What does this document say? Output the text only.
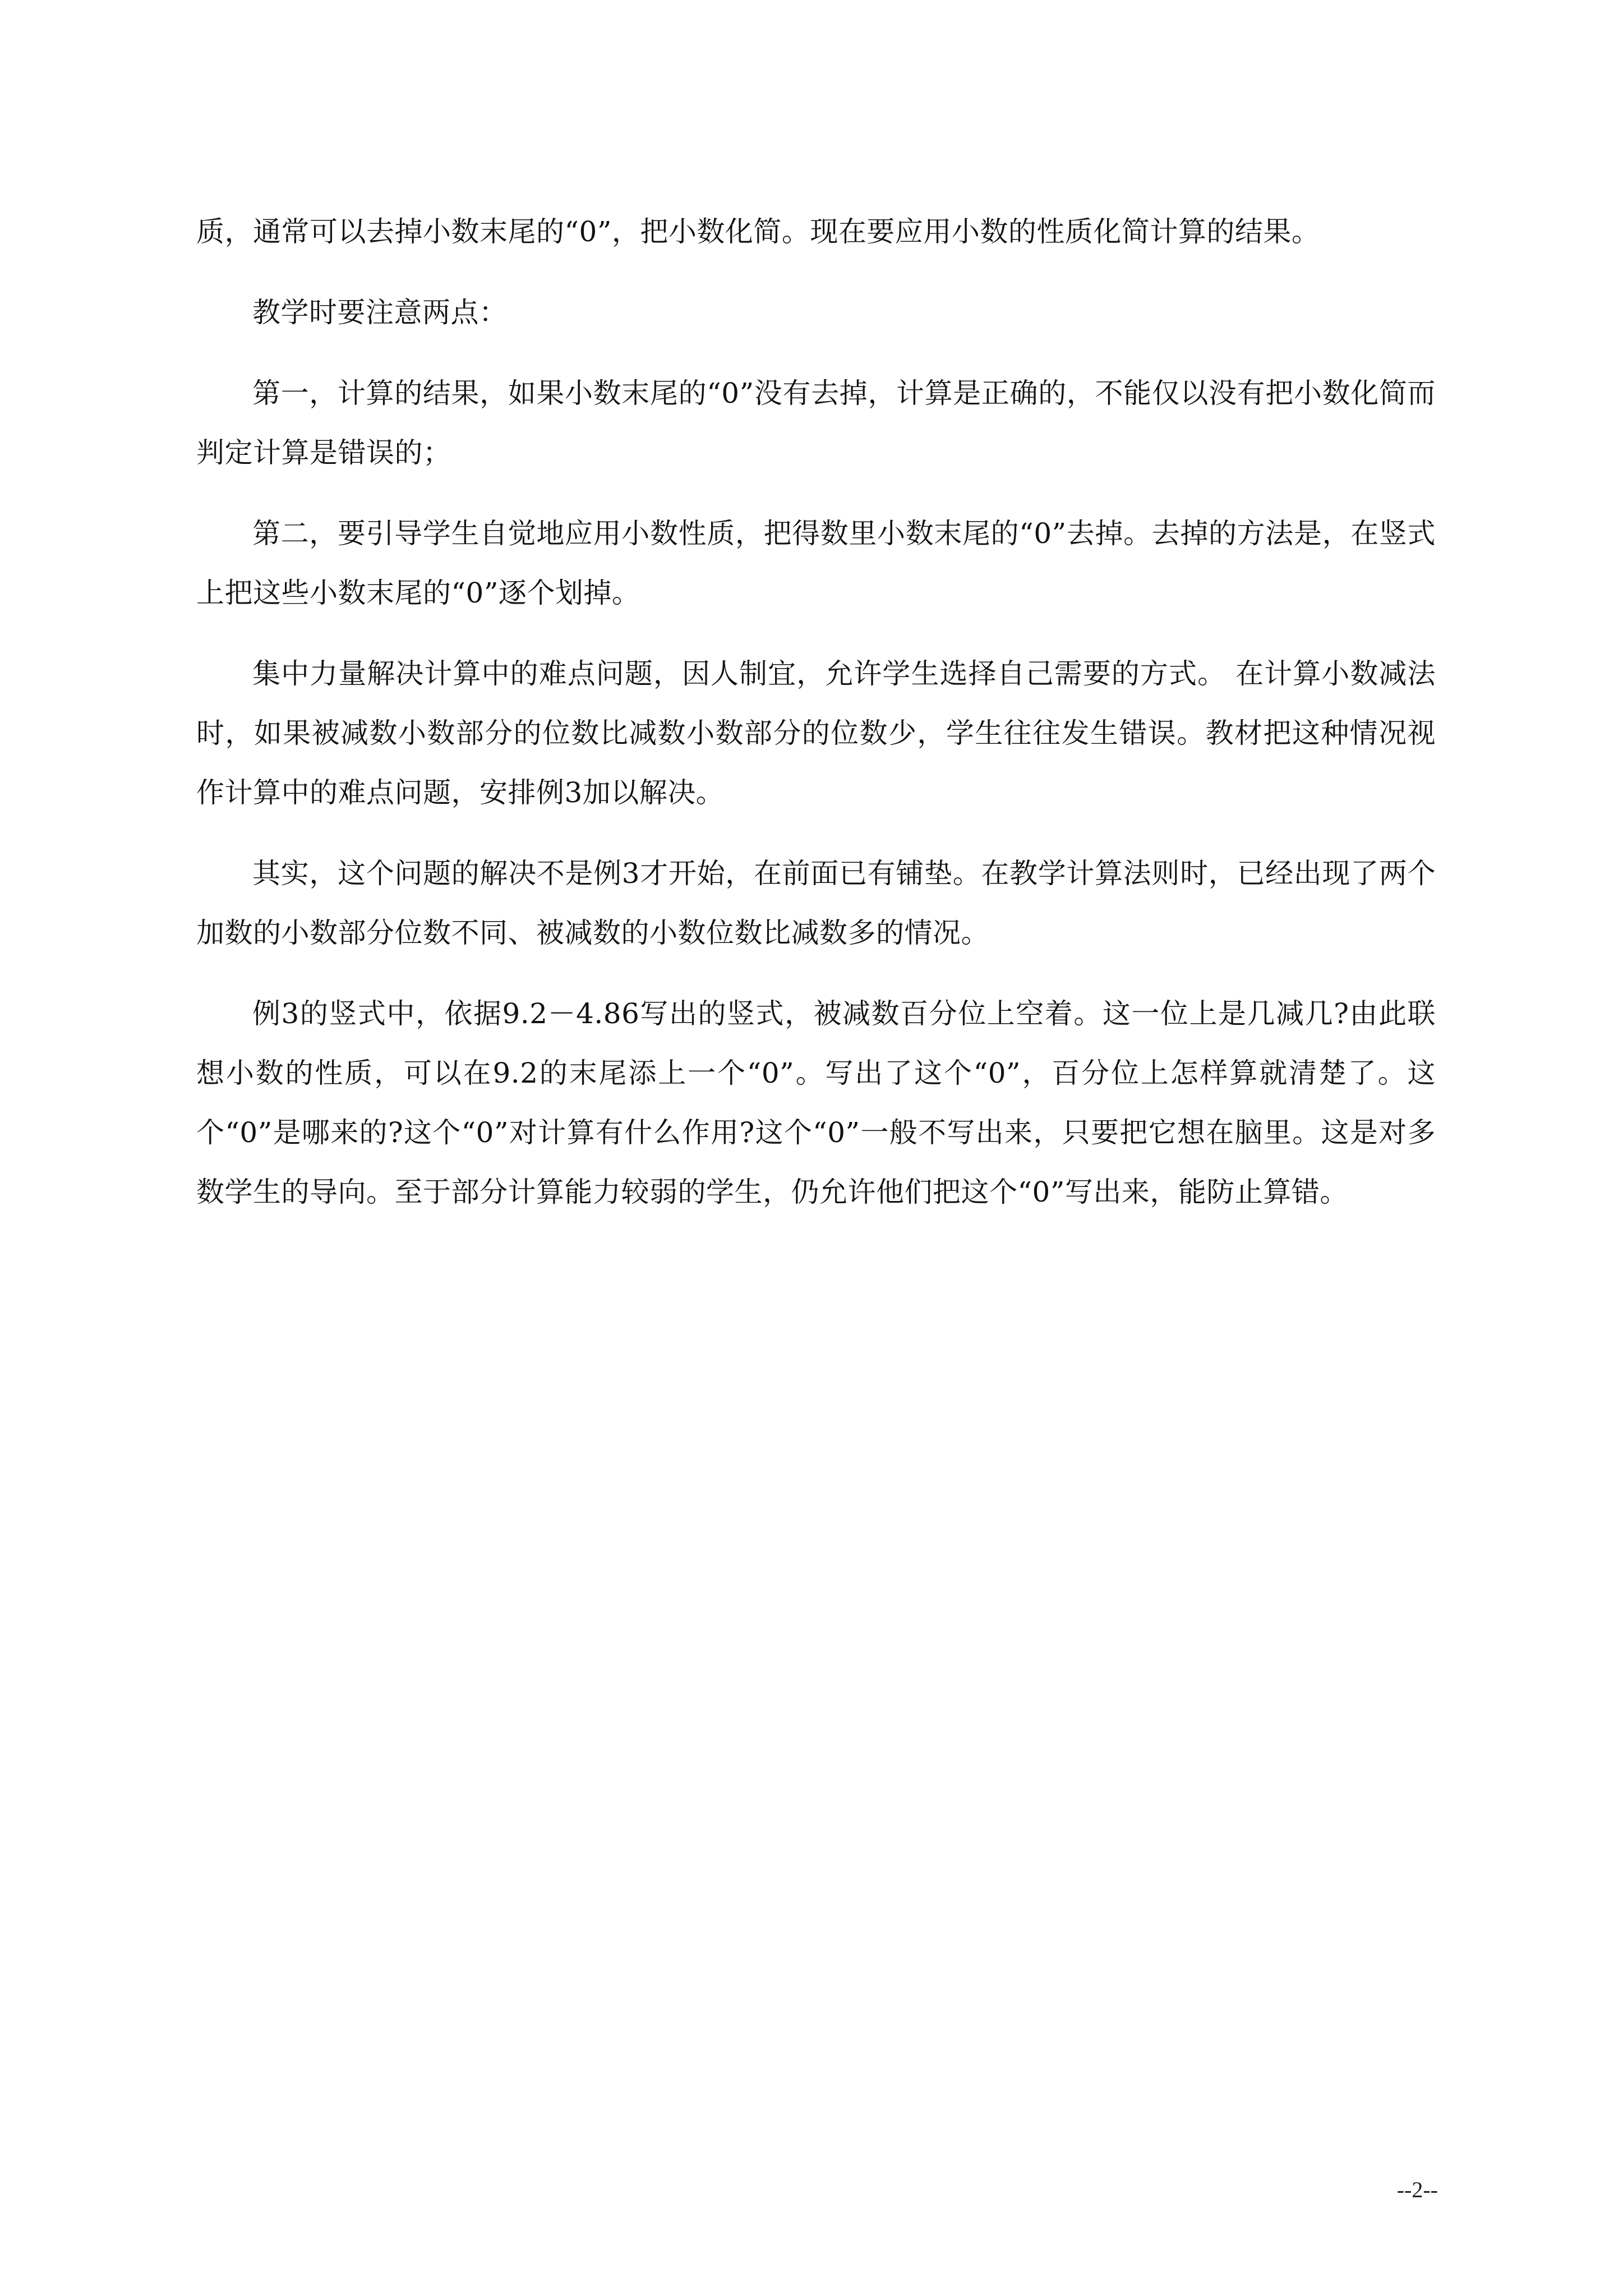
质，通常可以去掉小数末尾的“0”，把小数化简。现在要应用小数的性质化简计算的结果。

教学时要注意两点：

第一，计算的结果，如果小数末尾的“0”没有去掉，计算是正确的，不能仅以没有把小数化简而判定计算是错误的；

第二，要引导学生自觉地应用小数性质，把得数里小数末尾的“0”去掉。去掉的方法是，在竖式上把这些小数末尾的“0”逐个划掉。

集中力量解决计算中的难点问题，因人制宜，允许学生选择自己需要的方式。 在计算小数减法时，如果被减数小数部分的位数比减数小数部分的位数少，学生往往发生错误。教材把这种情况视作计算中的难点问题，安排例3加以解决。

其实，这个问题的解决不是例3才开始，在前面已有铺垫。在教学计算法则时，已经出现了两个加数的小数部分位数不同、被减数的小数位数比减数多的情况。

例3的竖式中，依据9.2－4.86写出的竖式，被减数百分位上空着。这一位上是几减几?由此联想小数的性质，可以在9.2的末尾添上一个“0”。写出了这个“0”，百分位上怎样算就清楚了。这个“0”是哪来的?这个“0”对计算有什么作用?这个“0”一般不写出来，只要把它想在脑里。这是对多数学生的导向。至于部分计算能力较弱的学生，仍允许他们把这个“0”写出来，能防止算错。

--2--
